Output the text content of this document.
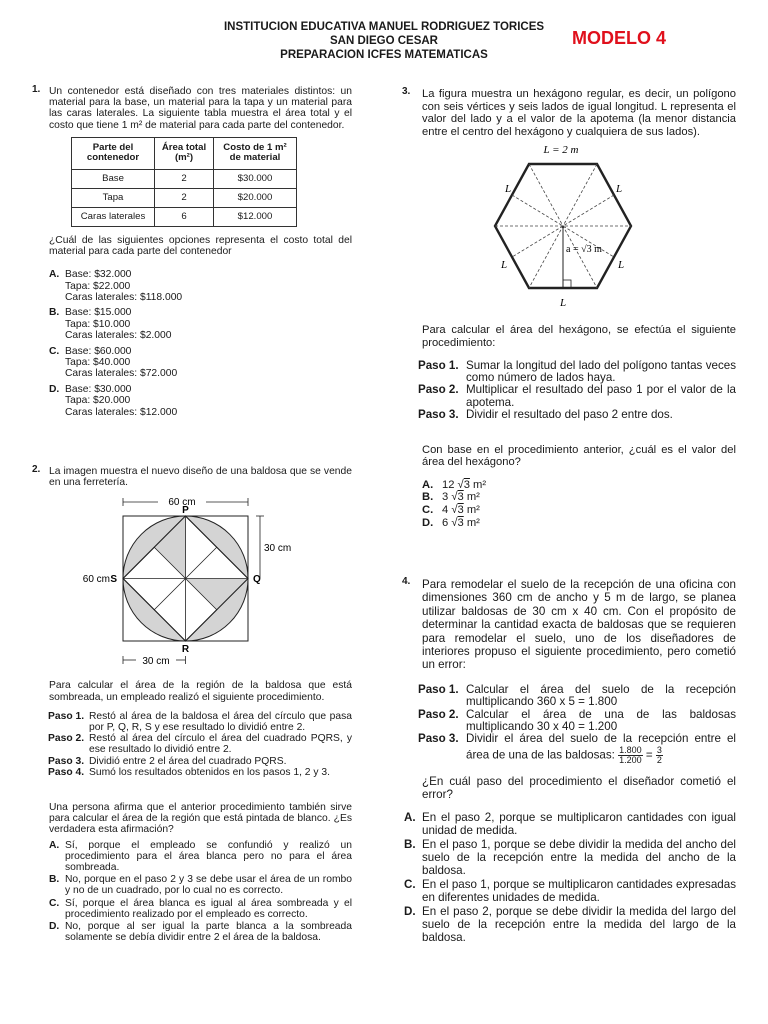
INSTITUCION EDUCATIVA MANUEL RODRIGUEZ TORICES
SAN DIEGO CESAR
PREPARACION ICFES MATEMATICAS
MODELO 4
1. Un contenedor está diseñado con tres materiales distintos: un material para la base, un material para la tapa y un material para las caras laterales. La siguiente tabla muestra el área total y el costo que tiene 1 m² de material para cada parte del contenedor.
Parte del contenedor	Área total (m²)	Costo de 1 m² de material
Base	2	$30.000
Tapa	2	$20.000
Caras laterales	6	$12.000
¿Cuál de las siguientes opciones representa el costo total del material para cada parte del contenedor
A. Base: $32.000
Tapa: $22.000
Caras laterales: $118.000
B. Base: $15.000
Tapa: $10.000
Caras laterales: $2.000
C. Base: $60.000
Tapa: $40.000
Caras laterales: $72.000
D. Base: $30.000
Tapa: $20.000
Caras laterales: $12.000
2. La imagen muestra el nuevo diseño de una baldosa que se vende en una ferretería.
60 cm
P
Q
R
S
60 cm
30 cm
30 cm
Para calcular el área de la región de la baldosa que está sombreada, un empleado realizó el siguiente procedimiento.
Paso 1. Restó al área de la baldosa el área del círculo que pasa por P, Q, R, S y ese resultado lo dividió entre 2.
Paso 2. Restó al área del círculo el área del cuadrado PQRS, y ese resultado lo dividió entre 2.
Paso 3. Dividió entre 2 el área del cuadrado PQRS.
Paso 4. Sumó los resultados obtenidos en los pasos 1, 2 y 3.
Una persona afirma que el anterior procedimiento también sirve para calcular el área de la región que está pintada de blanco. ¿Es verdadera esta afirmación?
A. Sí, porque el empleado se confundió y realizó un procedimiento para el área blanca pero no para el área sombreada.
B. No, porque en el paso 2 y 3 se debe usar el área de un rombo y no de un cuadrado, por lo cual no es correcto.
C. Sí, porque el área blanca es igual al área sombreada y el procedimiento realizado por el empleado es correcto.
D. No, porque al ser igual la parte blanca a la sombreada solamente se debía dividir entre 2 el área de la baldosa.
3. La figura muestra un hexágono regular, es decir, un polígono con seis vértices y seis lados de igual longitud. L representa el valor del lado y a el valor de la apotema (la menor distancia entre el centro del hexágono y cualquiera de sus lados).
L = 2 m
a = √3 m
L	L
L	L
L
Para calcular el área del hexágono, se efectúa el siguiente procedimiento:
Paso 1. Sumar la longitud del lado del polígono tantas veces como número de lados haya.
Paso 2. Multiplicar el resultado del paso 1 por el valor de la apotema.
Paso 3. Dividir el resultado del paso 2 entre dos.
Con base en el procedimiento anterior, ¿cuál es el valor del área del hexágono?
A. 12 √3 m²
B. 3 √3 m²
C. 4 √3 m²
D. 6 √3 m²
4. Para remodelar el suelo de la recepción de una oficina con dimensiones 360 cm de ancho y 5 m de largo, se planea utilizar baldosas de 30 cm x 40 cm. Con el propósito de determinar la cantidad exacta de baldosas que se requieren para remodelar el suelo, uno de los diseñadores de interiores propuso el siguiente procedimiento, pero cometió un error:
Paso 1. Calcular el área del suelo de la recepción multiplicando 360 x 5 = 1.800
Paso 2. Calcular el área de una de las baldosas multiplicando 30 x 40 = 1.200
Paso 3. Dividir el área del suelo de la recepción entre el área de una de las baldosas: $\frac{1.800}{1.200} = \frac{3}{2}$
¿En cuál paso del procedimiento el diseñador cometió el error?
A. En el paso 2, porque se multiplicaron cantidades con igual unidad de medida.
B. En el paso 1, porque se debe dividir la medida del ancho del suelo de la recepción entre la medida del ancho de la baldosa.
C. En el paso 1, porque se multiplicaron cantidades expresadas en diferentes unidades de medida.
D. En el paso 2, porque se debe dividir la medida del largo del suelo de la recepción entre la medida del largo de la baldosa.
